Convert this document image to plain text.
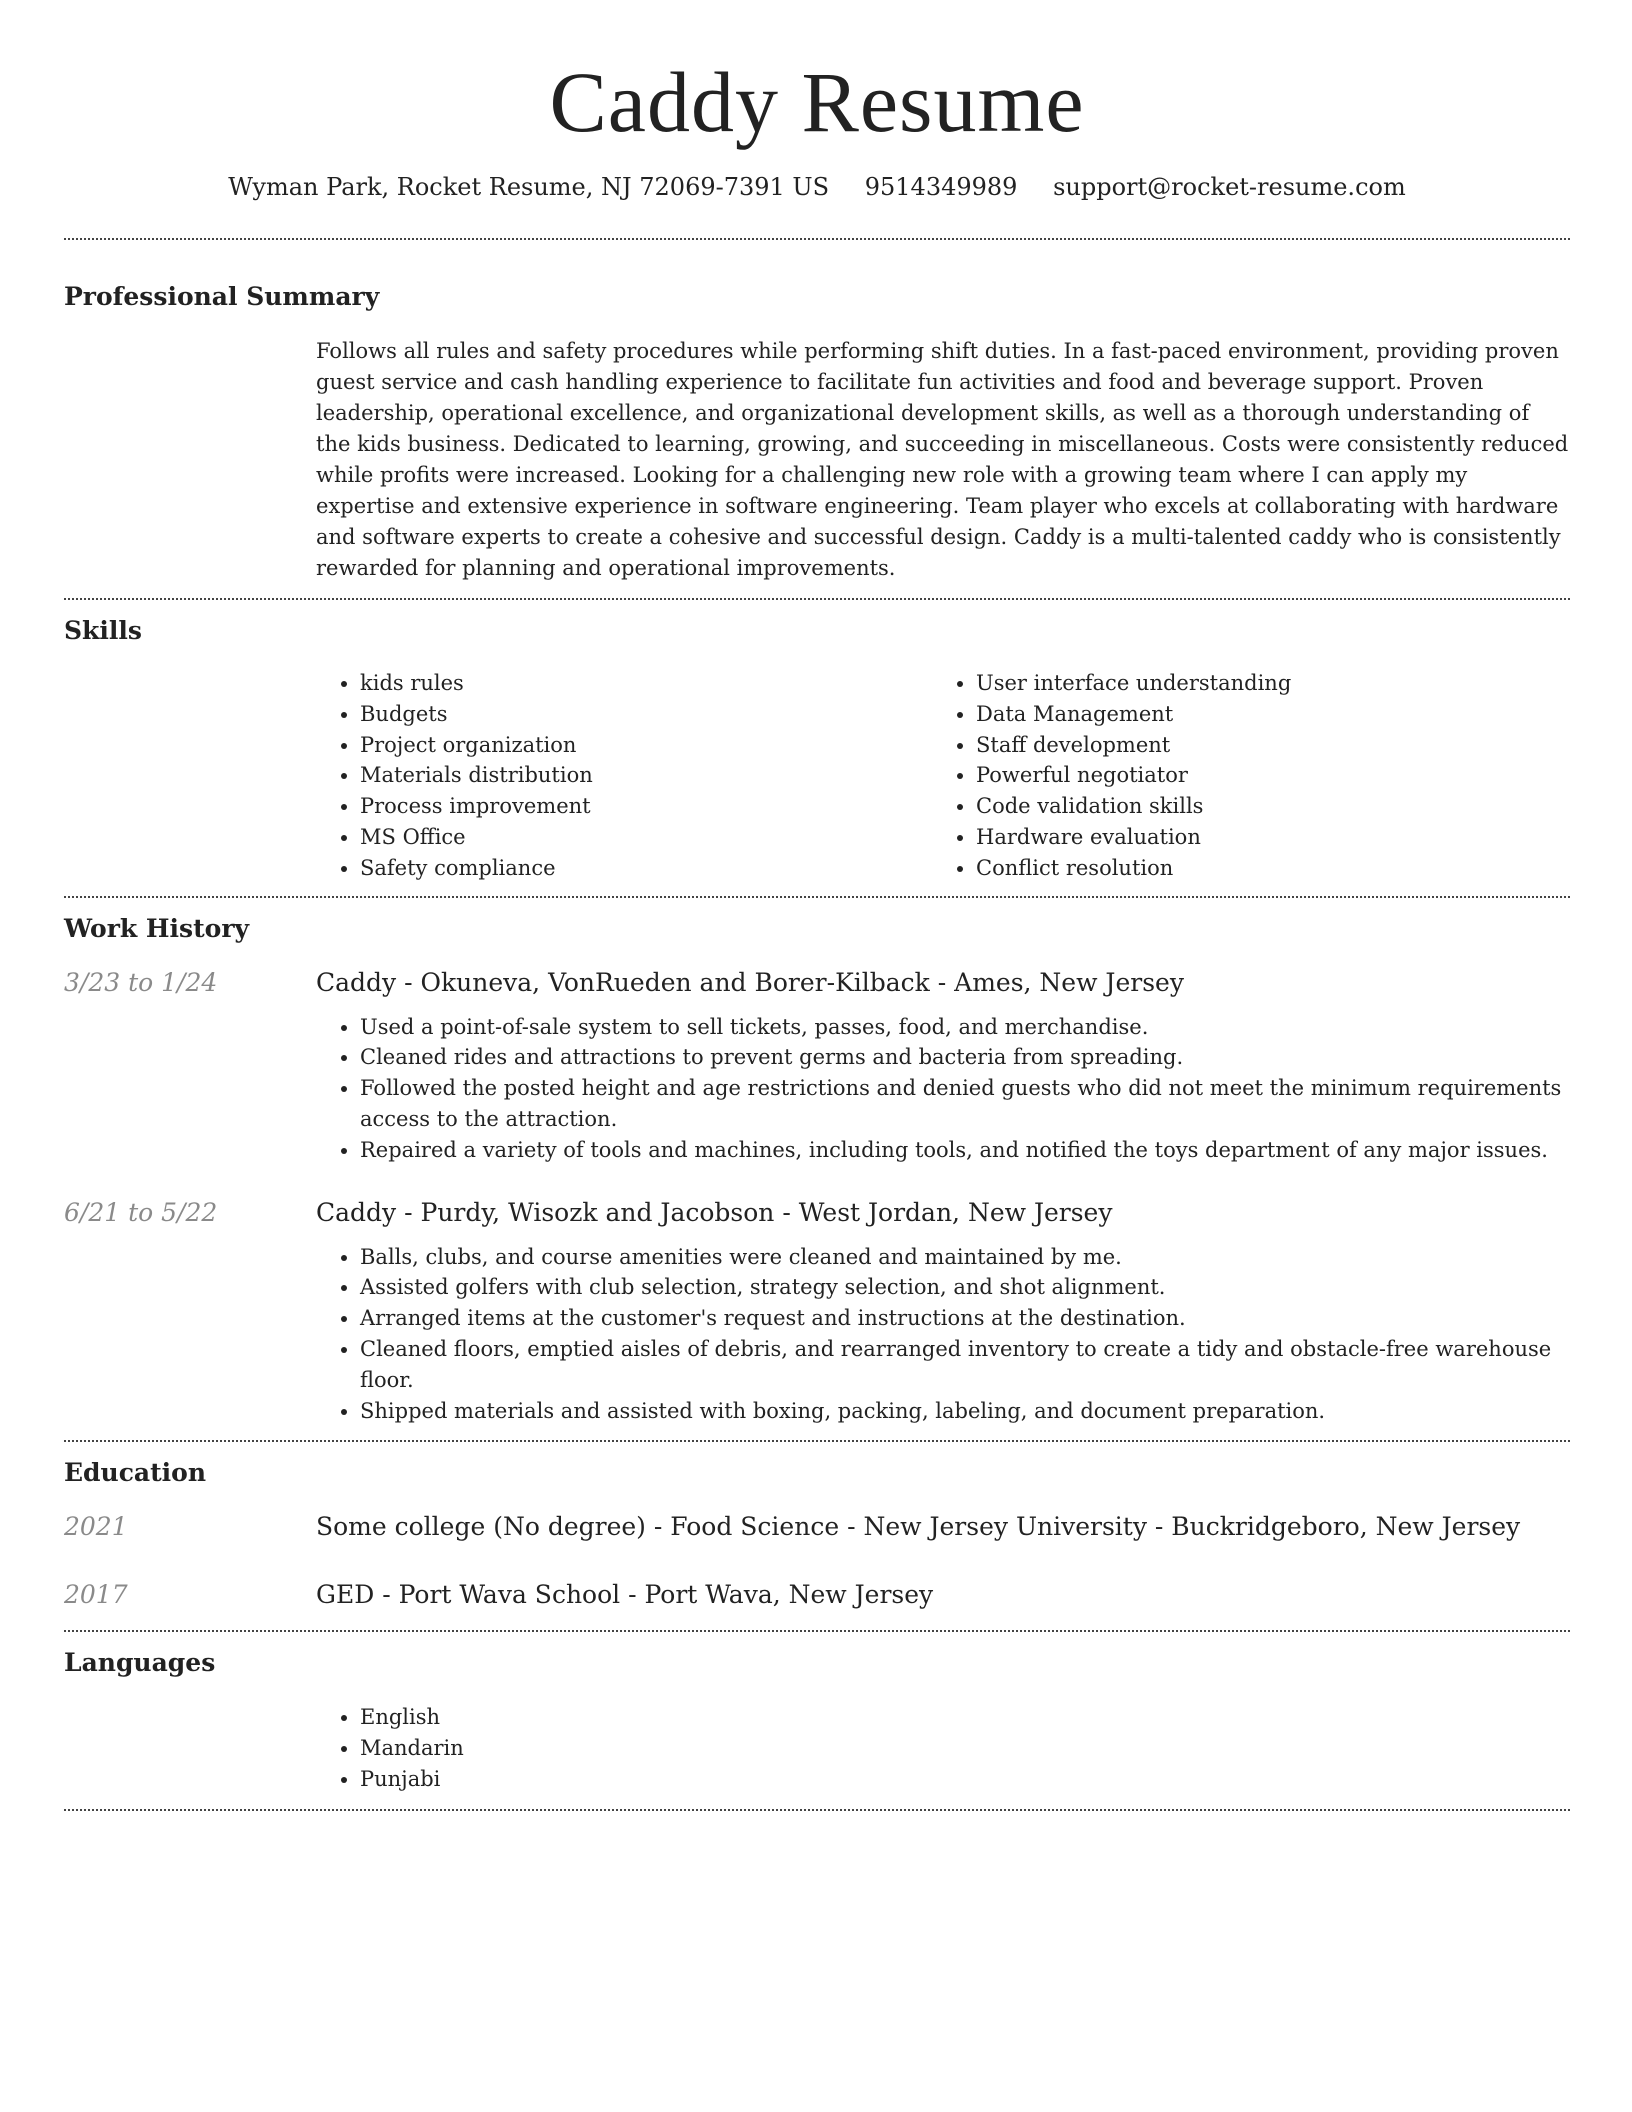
Caddy Resume
Wyman Park, Rocket Resume, NJ 72069-7391 US 9514349989 support@rocket-resume.com
Professional Summary

Follows all rules and safety procedures while performing shift duties. In a fast-paced environment, providing proven guest service and cash handling experience to facilitate fun activities and food and beverage support. Proven leadership, operational excellence, and organizational development skills, as well as a thorough understanding of the kids business. Dedicated to learning, growing, and succeeding in miscellaneous. Costs were consistently reduced while profits were increased. Looking for a challenging new role with a growing team where I can apply my expertise and extensive experience in software engineering. Team player who excels at collaborating with hardware and software experts to create a cohesive and successful design. Caddy is a multi-talented caddy who is consistently rewarded for planning and operational improvements.

Skills
• kids rules
• Budgets
• Project organization
• Materials distribution
• Process improvement
• MS Office
• Safety compliance
• User interface understanding
• Data Management
• Staff development
• Powerful negotiator
• Code validation skills
• Hardware evaluation
• Conflict resolution
Work History
3/23 to 1/24	Caddy - Okuneva, VonRueden and Borer-Kilback - Ames, New Jersey
• Used a point-of-sale system to sell tickets, passes, food, and merchandise.
• Cleaned rides and attractions to prevent germs and bacteria from spreading.
• Followed the posted height and age restrictions and denied guests who did not meet the minimum requirements access to the attraction.
• Repaired a variety of tools and machines, including tools, and notified the toys department of any major issues.
6/21 to 5/22	Caddy - Purdy, Wisozk and Jacobson - West Jordan, New Jersey
• Balls, clubs, and course amenities were cleaned and maintained by me.
• Assisted golfers with club selection, strategy selection, and shot alignment.
• Arranged items at the customer's request and instructions at the destination.
• Cleaned floors, emptied aisles of debris, and rearranged inventory to create a tidy and obstacle-free warehouse floor.
• Shipped materials and assisted with boxing, packing, labeling, and document preparation.
Education
2021	Some college (No degree) - Food Science - New Jersey University - Buckridgeboro, New Jersey
2017	GED - Port Wava School - Port Wava, New Jersey
Languages
• English
• Mandarin
• Punjabi
